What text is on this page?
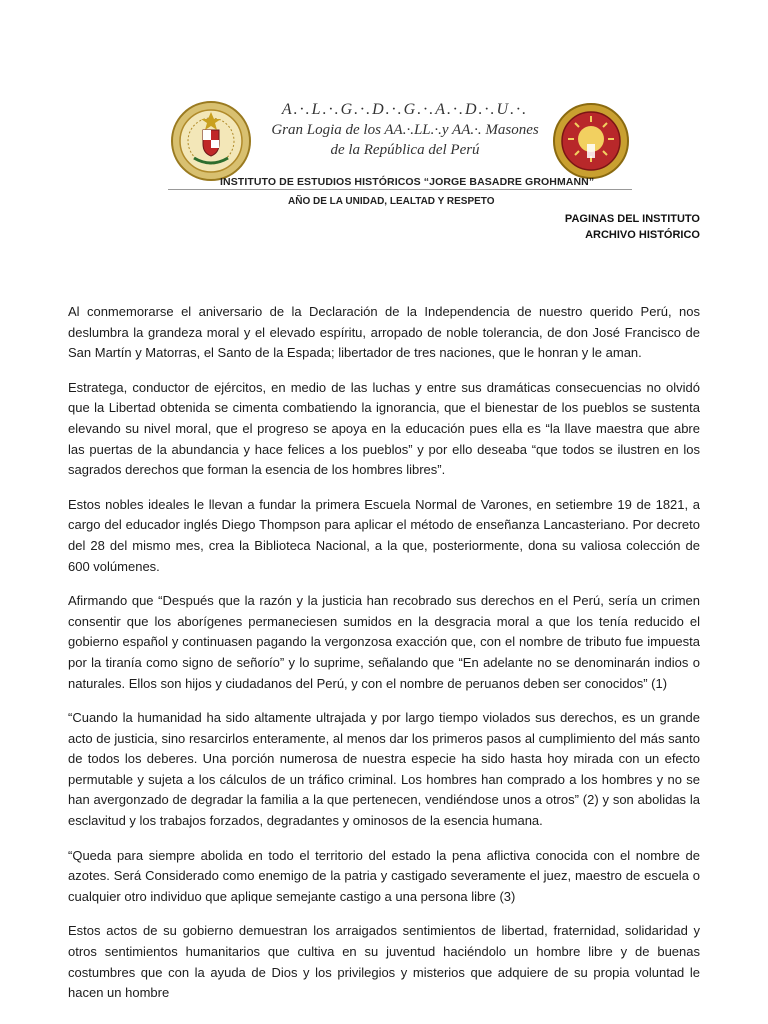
A.·.L.·.G.·.D.·.G.·.A.·.D.·.U.·.
Gran Logia de los AA.·.LL.·.y AA.·. Masones
de la República del Perú
INSTITUTO DE ESTUDIOS HISTÓRICOS “JORGE BASADRE GROHMANN”
AÑO DE LA UNIDAD, LEALTAD Y RESPETO
PAGINAS DEL INSTITUTO
ARCHIVO HISTÓRICO

Al conmemorarse el aniversario de la Declaración de la Independencia de nuestro querido Perú, nos deslumbra la grandeza moral y el elevado espíritu, arropado de noble tolerancia, de don José Francisco de San Martín y Matorras, el Santo de la Espada; libertador de tres naciones, que le honran y le aman.

Estratega, conductor de ejércitos, en medio de las luchas y entre sus dramáticas consecuencias no olvidó que la Libertad obtenida se cimenta combatiendo la ignorancia, que el bienestar de los pueblos se sustenta elevando su nivel moral, que el progreso se apoya en la educación pues ella es “la llave maestra que abre las puertas de la abundancia y hace felices a los pueblos” y por ello deseaba “que todos se ilustren en los sagrados derechos que forman la esencia de los hombres libres”.

Estos nobles ideales le llevan a fundar la primera Escuela Normal de Varones, en setiembre 19 de 1821, a cargo del educador inglés Diego Thompson para aplicar el método de enseñanza Lancasteriano. Por decreto del 28 del mismo mes, crea la Biblioteca Nacional, a la que, posteriormente, dona su valiosa colección de 600 volúmenes.

Afirmando que “Después que la razón y la justicia han recobrado sus derechos en el Perú, sería un crimen consentir que los aborígenes permaneciesen sumidos en la desgracia moral a que los tenía reducido el gobierno español y continuasen pagando la vergonzosa exacción que, con el nombre de tributo fue impuesta por la tiranía como signo de señorío” y lo suprime, señalando que “En adelante no se denominarán indios o naturales. Ellos son hijos y ciudadanos del Perú, y con el nombre de peruanos deben ser conocidos” (1)

“Cuando la humanidad ha sido altamente ultrajada y por largo tiempo violados sus derechos, es un grande acto de justicia, sino resarcirlos enteramente, al menos dar los primeros pasos al cumplimiento del más santo de todos los deberes. Una porción numerosa de nuestra especie ha sido hasta hoy mirada con un efecto permutable y sujeta a los cálculos de un tráfico criminal. Los hombres han comprado a los hombres y no se han avergonzado de degradar la familia a la que pertenecen, vendiéndose unos a otros” (2) y son abolidas la esclavitud y los trabajos forzados, degradantes y ominosos de la esencia humana.

“Queda para siempre abolida en todo el territorio del estado la pena aflictiva conocida con el nombre de azotes. Será Considerado como enemigo de la patria y castigado severamente el juez, maestro de escuela o cualquier otro individuo que aplique semejante castigo a una persona libre (3)

Estos actos de su gobierno demuestran los arraigados sentimientos de libertad, fraternidad, solidaridad y otros sentimientos humanitarios que cultiva en su juventud haciéndolo un hombre libre y de buenas costumbres que con la ayuda de Dios y los privilegios y misterios que adquiere de su propia voluntad le hacen un hombre
